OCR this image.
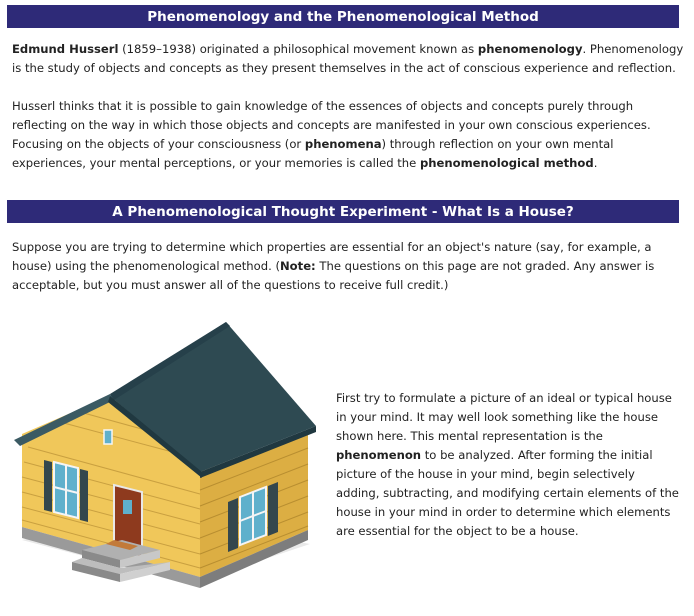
Phenomenology and the Phenomenological Method

Edmund Husserl (1859–1938) originated a philosophical movement known as phenomenology. Phenomenology is the study of objects and concepts as they present themselves in the act of conscious experience and reflection.

Husserl thinks that it is possible to gain knowledge of the essences of objects and concepts purely through reflecting on the way in which those objects and concepts are manifested in your own conscious experiences. Focusing on the objects of your consciousness (or phenomena) through reflection on your own mental experiences, your mental perceptions, or your memories is called the phenomenological method.

A Phenomenological Thought Experiment - What Is a House?

Suppose you are trying to determine which properties are essential for an object's nature (say, for example, a house) using the phenomenological method. (Note: The questions on this page are not graded. Any answer is acceptable, but you must answer all of the questions to receive full credit.)

First try to formulate a picture of an ideal or typical house in your mind. It may well look something like the house shown here. This mental representation is the phenomenon to be analyzed. After forming the initial picture of the house in your mind, begin selectively adding, subtracting, and modifying certain elements of the house in your mind in order to determine which elements are essential for the object to be a house.
